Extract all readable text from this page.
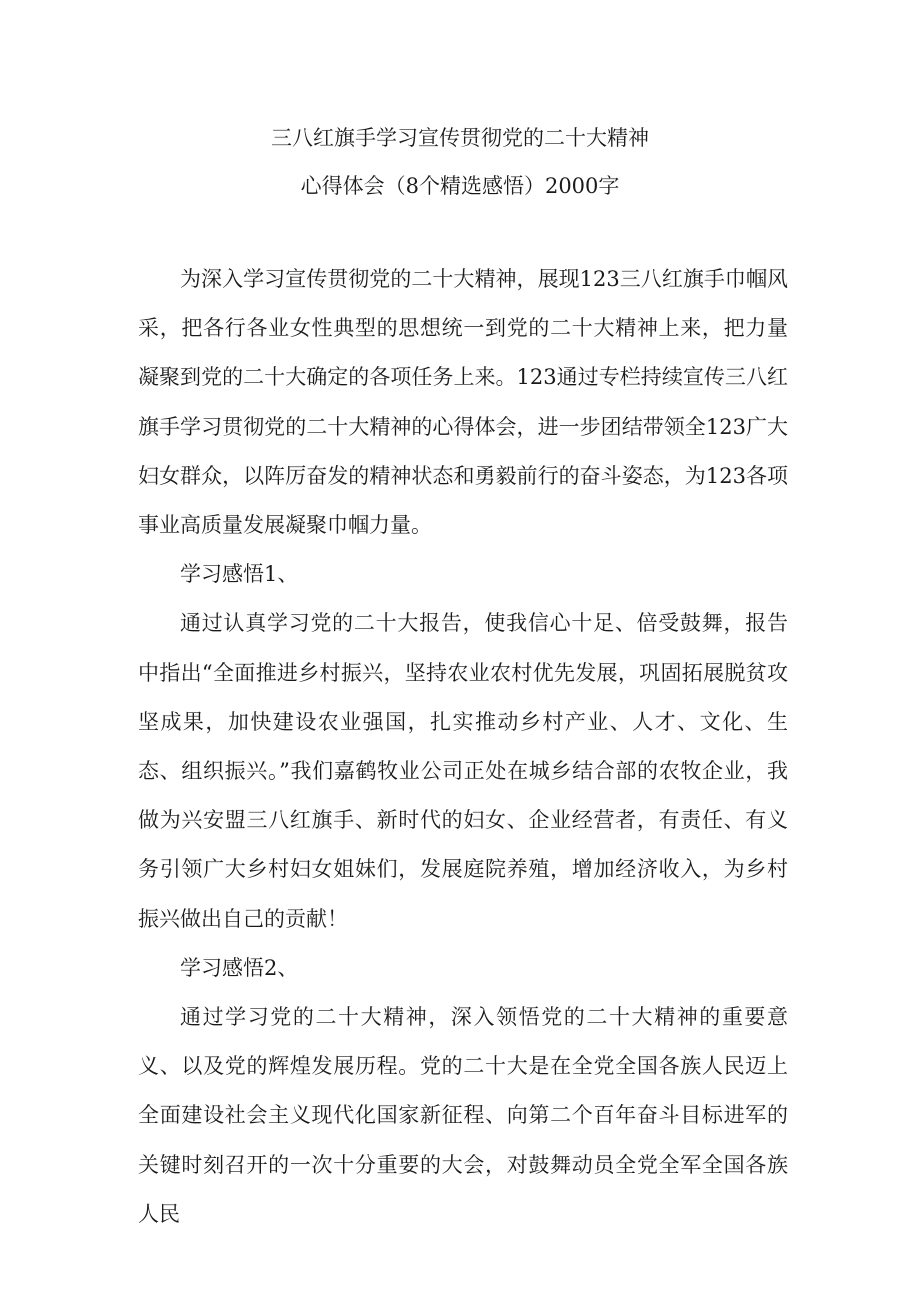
三八红旗手学习宣传贯彻党的二十大精神
心得体会（8个精选感悟）2000字

为深入学习宣传贯彻党的二十大精神，展现123三八红旗手巾帼风采，把各行各业女性典型的思想统一到党的二十大精神上来，把力量凝聚到党的二十大确定的各项任务上来。123通过专栏持续宣传三八红旗手学习贯彻党的二十大精神的心得体会，进一步团结带领全123广大妇女群众，以阵厉奋发的精神状态和勇毅前行的奋斗姿态，为123各项事业高质量发展凝聚巾帼力量。

学习感悟1、

通过认真学习党的二十大报告，使我信心十足、倍受鼓舞，报告中指出“全面推进乡村振兴，坚持农业农村优先发展，巩固拓展脱贫攻坚成果，加快建设农业强国，扎实推动乡村产业、人才、文化、生态、组织振兴。”我们嘉鹤牧业公司正处在城乡结合部的农牧企业，我做为兴安盟三八红旗手、新时代的妇女、企业经营者，有责任、有义务引领广大乡村妇女姐妹们，发展庭院养殖，增加经济收入，为乡村振兴做出自己的贡献！

学习感悟2、

通过学习党的二十大精神，深入领悟党的二十大精神的重要意义、以及党的辉煌发展历程。党的二十大是在全党全国各族人民迈上全面建设社会主义现代化国家新征程、向第二个百年奋斗目标进军的关键时刻召开的一次十分重要的大会，对鼓舞动员全党全军全国各族人民
